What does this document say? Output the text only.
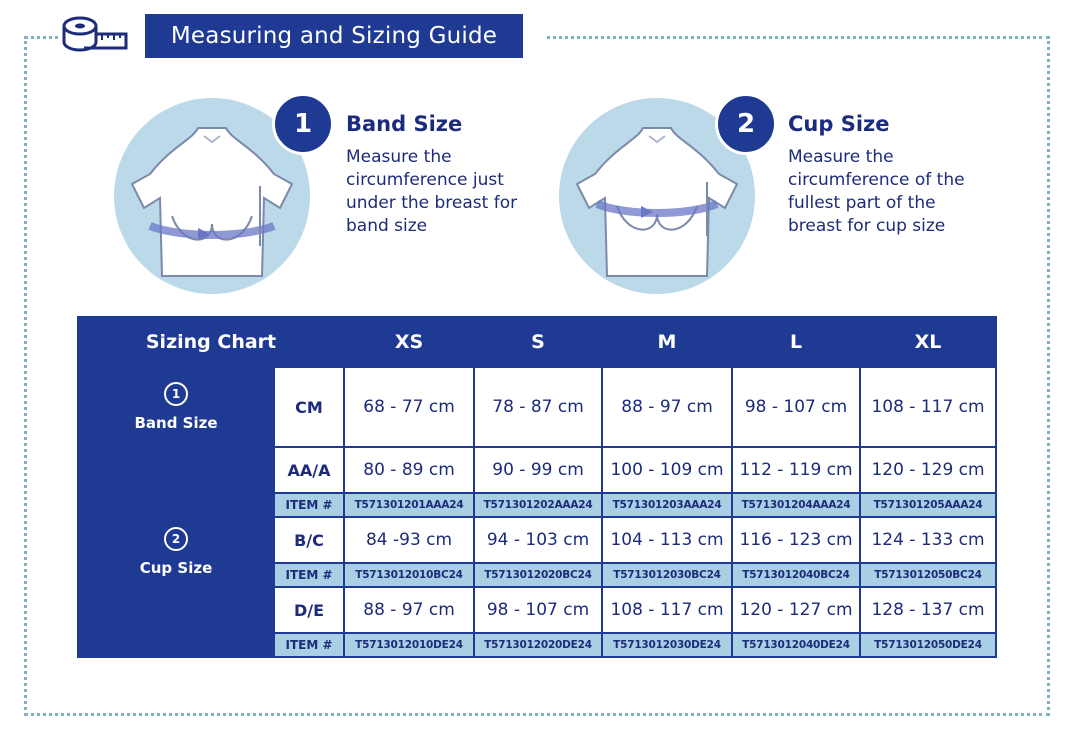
Measuring and Sizing Guide
1	Band Size
Measure the
circumference just
under the breast for
band size
2	Cup Size
Measure the
circumference of the
fullest part of the
breast for cup size
Sizing Chart		XS	S	M	L	XL
1
Band Size	CM	68 - 77 cm	78 - 87 cm	88 - 97 cm	98 - 107 cm	108 - 117 cm
2
Cup Size	AA/A	80 - 89 cm	90 - 99 cm	100 - 109 cm	112 - 119 cm	120 - 129 cm
	ITEM #	T571301201AAA24	T571301202AAA24	T571301203AAA24	T571301204AAA24	T571301205AAA24
	B/C	84 -93 cm	94 - 103 cm	104 - 113 cm	116 - 123 cm	124 - 133 cm
	ITEM #	T5713012010BC24	T5713012020BC24	T5713012030BC24	T5713012040BC24	T5713012050BC24
	D/E	88 - 97 cm	98 - 107 cm	108 - 117 cm	120 - 127 cm	128 - 137 cm
	ITEM #	T5713012010DE24	T5713012020DE24	T5713012030DE24	T5713012040DE24	T5713012050DE24
